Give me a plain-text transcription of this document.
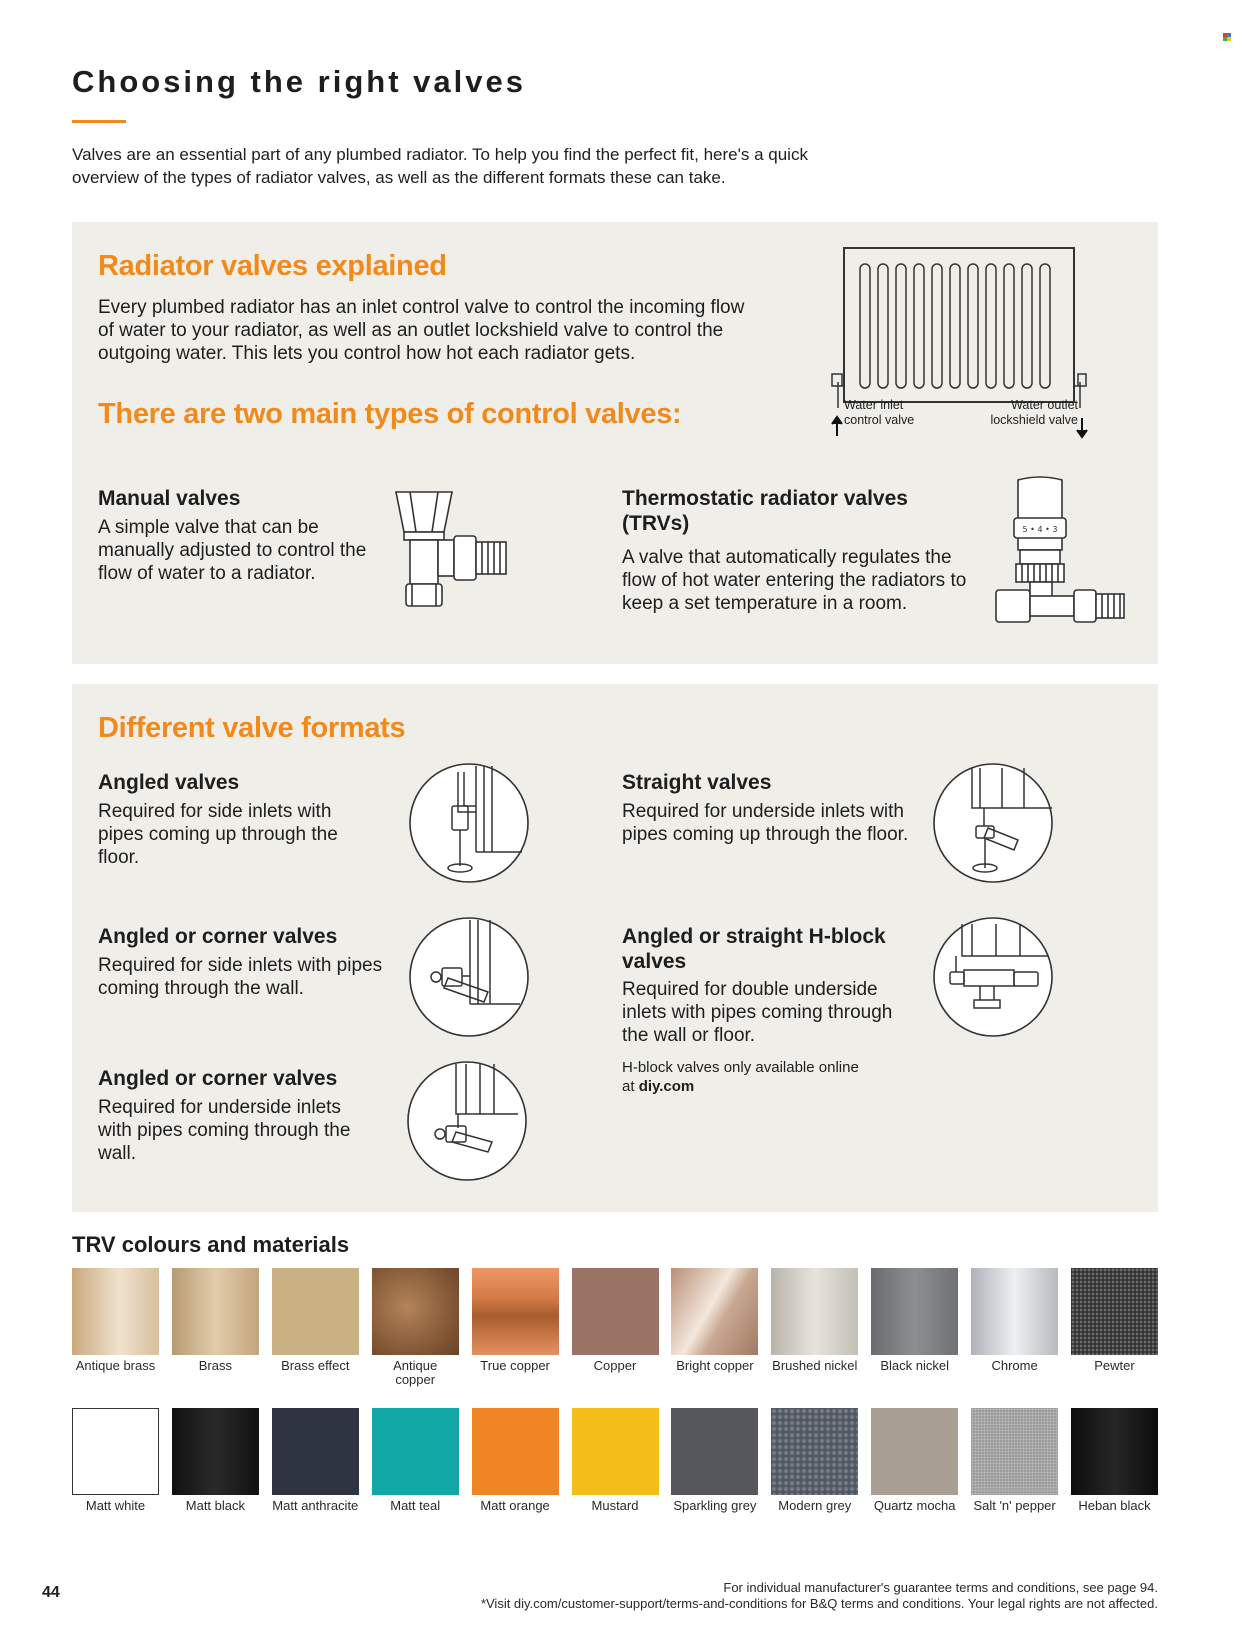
Choosing the right valves

Valves are an essential part of any plumbed radiator. To help you find the perfect fit, here's a quick overview of the types of radiator valves, as well as the different formats these can take.

Radiator valves explained

Every plumbed radiator has an inlet control valve to control the incoming flow of water to your radiator, as well as an outlet lockshield valve to control the outgoing water. This lets you control how hot each radiator gets.

There are two main types of control valves:	Water inlet
control valve
Water outlet
lockshield valve
Manual valves

A simple valve that can be manually adjusted to control the flow of water to a radiator.

Thermostatic radiator valves (TRVs)

A valve that automatically regulates the flow of hot water entering the radiators to keep a set temperature in a room.

5 • 4 • 3
Different valve formats
Angled valves

Required for side inlets with pipes coming up through the floor.

Straight valves

Required for underside inlets with pipes coming up through the floor.

Angled or corner valves

Required for side inlets with pipes coming through the wall.

Angled or straight H-block valves

Required for double underside inlets with pipes coming through the wall or floor.

H-block valves only available online at diy.com

Angled or corner valves

Required for underside inlets with pipes coming through the wall.

TRV colours and materials
Antique brass	Brass	Brass effect	Antique copper
True copper	Copper	Bright copper	Brushed nickel	Black nickel	Chrome	Pewter
Matt white	Matt black	Matt anthracite	Matt teal	Matt orange	Mustard	Sparkling grey	Modern grey	Quartz mocha Salt 'n' pepper	Heban black
44	For individual manufacturer's guarantee terms and conditions, see page 94.

*Visit diy.com/customer-support/terms-and-conditions for B&Q terms and conditions. Your legal rights are not affected.
